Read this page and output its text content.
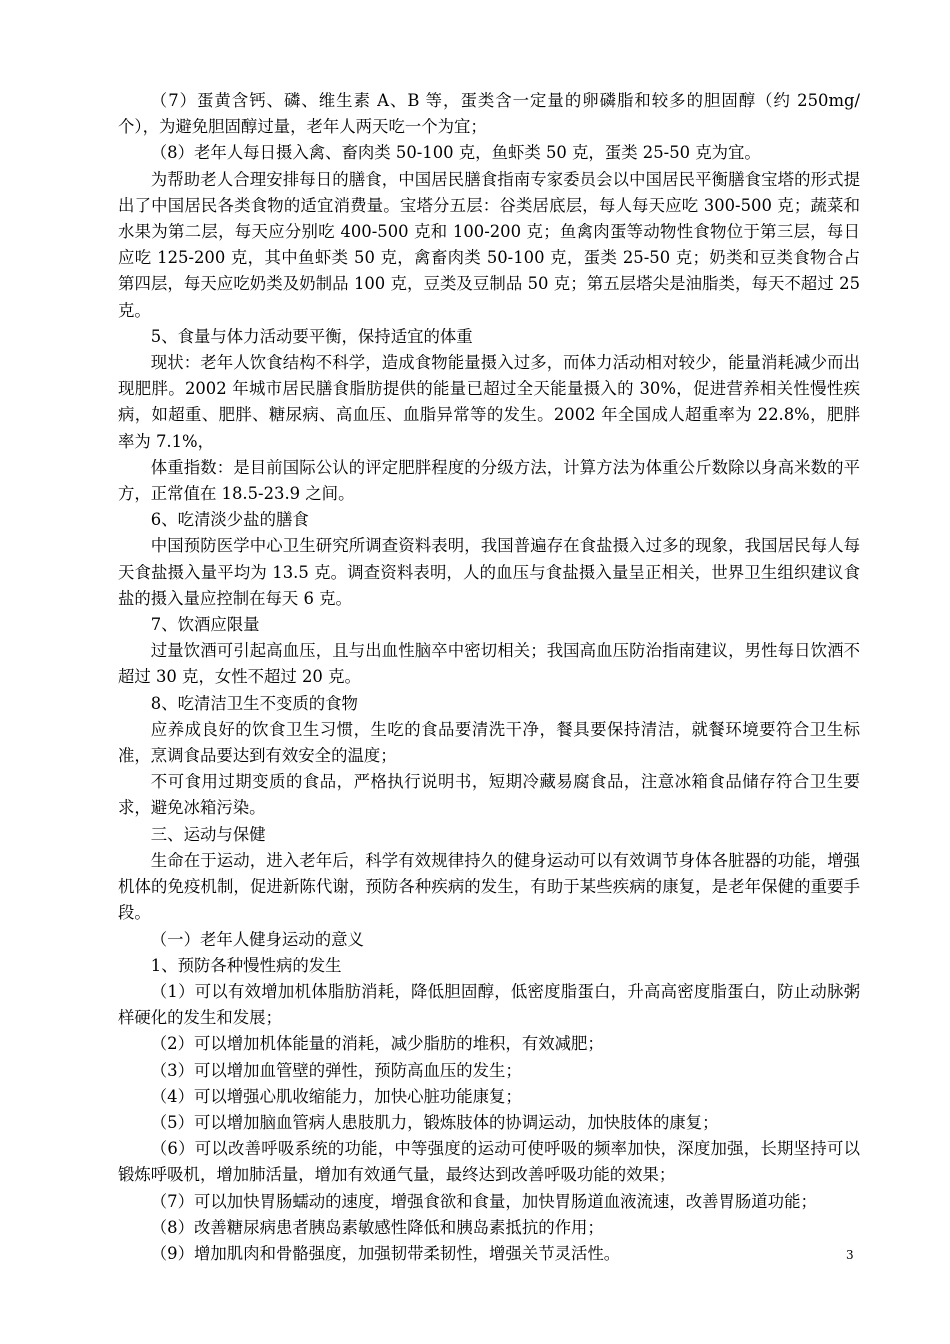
（7）蛋黄含钙、磷、维生素 A、B 等，蛋类含一定量的卵磷脂和较多的胆固醇（约 250mg/个），为避免胆固醇过量，老年人两天吃一个为宜；

（8）老年人每日摄入禽、畜肉类 50-100 克，鱼虾类 50 克，蛋类 25-50 克为宜。

为帮助老人合理安排每日的膳食，中国居民膳食指南专家委员会以中国居民平衡膳食宝塔的形式提出了中国居民各类食物的适宜消费量。宝塔分五层：谷类居底层，每人每天应吃 300-500 克；蔬菜和水果为第二层，每天应分别吃 400-500 克和 100-200 克；鱼禽肉蛋等动物性食物位于第三层，每日应吃 125-200 克，其中鱼虾类 50 克，禽畜肉类 50-100 克，蛋类 25-50 克；奶类和豆类食物合占第四层，每天应吃奶类及奶制品 100 克，豆类及豆制品 50 克；第五层塔尖是油脂类，每天不超过 25 克。

5、食量与体力活动要平衡，保持适宜的体重

现状：老年人饮食结构不科学，造成食物能量摄入过多，而体力活动相对较少，能量消耗减少而出现肥胖。2002 年城市居民膳食脂肪提供的能量已超过全天能量摄入的 30%，促进营养相关性慢性疾病，如超重、肥胖、糖尿病、高血压、血脂异常等的发生。2002 年全国成人超重率为 22.8%，肥胖率为 7.1%，

体重指数：是目前国际公认的评定肥胖程度的分级方法，计算方法为体重公斤数除以身高米数的平方，正常值在 18.5-23.9 之间。

6、吃清淡少盐的膳食

中国预防医学中心卫生研究所调查资料表明，我国普遍存在食盐摄入过多的现象，我国居民每人每天食盐摄入量平均为 13.5 克。调查资料表明，人的血压与食盐摄入量呈正相关，世界卫生组织建议食盐的摄入量应控制在每天 6 克。

7、饮酒应限量

过量饮酒可引起高血压，且与出血性脑卒中密切相关；我国高血压防治指南建议，男性每日饮酒不超过 30 克，女性不超过 20 克。

8、吃清洁卫生不变质的食物

应养成良好的饮食卫生习惯，生吃的食品要清洗干净，餐具要保持清洁，就餐环境要符合卫生标准，烹调食品要达到有效安全的温度；

不可食用过期变质的食品，严格执行说明书，短期冷藏易腐食品，注意冰箱食品储存符合卫生要求，避免冰箱污染。

三、运动与保健

生命在于运动，进入老年后，科学有效规律持久的健身运动可以有效调节身体各脏器的功能，增强机体的免疫机制，促进新陈代谢，预防各种疾病的发生，有助于某些疾病的康复，是老年保健的重要手段。

（一）老年人健身运动的意义

1、预防各种慢性病的发生

（1）可以有效增加机体脂肪消耗，降低胆固醇，低密度脂蛋白，升高高密度脂蛋白，防止动脉粥样硬化的发生和发展；

（2）可以增加机体能量的消耗，减少脂肪的堆积，有效减肥；

（3）可以增加血管壁的弹性，预防高血压的发生；

（4）可以增强心肌收缩能力，加快心脏功能康复；

（5）可以增加脑血管病人患肢肌力，锻炼肢体的协调运动，加快肢体的康复；

（6）可以改善呼吸系统的功能，中等强度的运动可使呼吸的频率加快，深度加强，长期坚持可以锻炼呼吸机，增加肺活量，增加有效通气量，最终达到改善呼吸功能的效果；

（7）可以加快胃肠蠕动的速度，增强食欲和食量，加快胃肠道血液流速，改善胃肠道功能；

（8）改善糖尿病患者胰岛素敏感性降低和胰岛素抵抗的作用；

（9）增加肌肉和骨骼强度，加强韧带柔韧性，增强关节灵活性。	3
